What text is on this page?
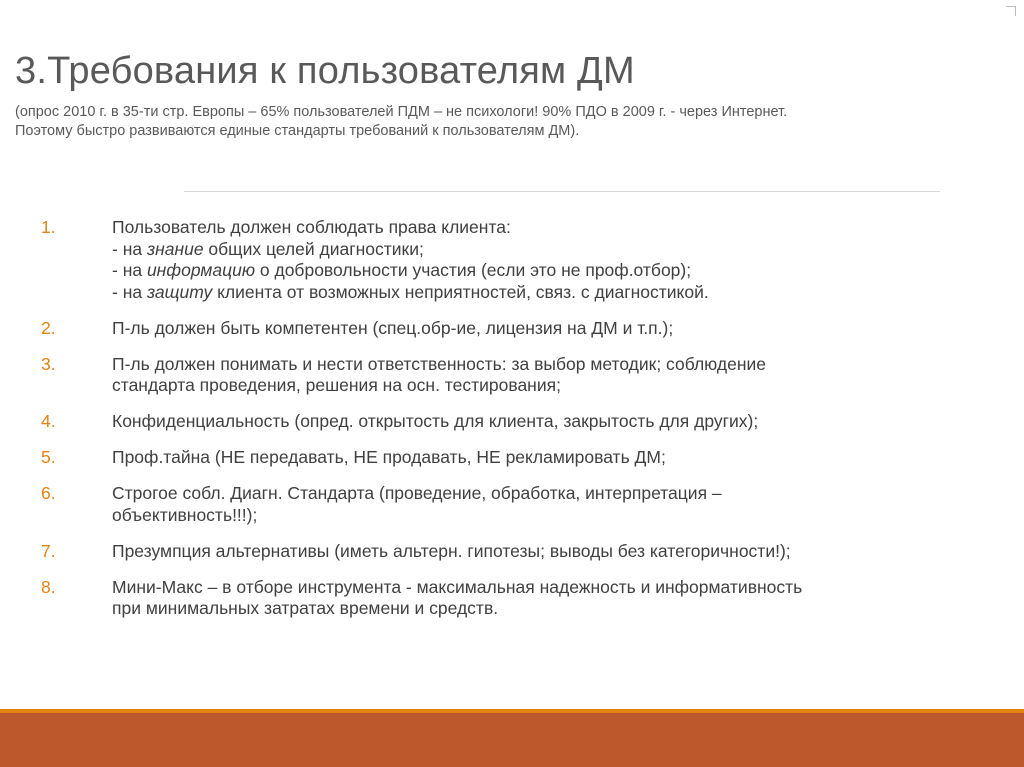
3.Требования к пользователям ДМ

(опрос 2010 г. в 35-ти стр. Европы – 65% пользователей ПДМ – не психологи! 90% ПДО в 2009 г. - через Интернет.
Поэтому быстро развиваются единые стандарты требований к пользователям ДМ).

1.	Пользователь должен соблюдать права клиента:
- на знание общих целей диагностики;
- на информацию о добровольности участия (если это не проф.отбор);
- на защиту клиента от возможных неприятностей, связ. с диагностикой.
2.	П-ль должен быть компетентен (спец.обр-ие, лицензия на ДМ и т.п.);
3.	П-ль должен понимать и нести ответственность: за выбор методик; соблюдение
стандарта проведения, решения на осн. тестирования;
4.	Конфиденциальность (опред. открытость для клиента, закрытость для других);
5.	Проф.тайна (НЕ передавать, НЕ продавать, НЕ рекламировать ДМ;
6.	Строгое собл. Диагн. Стандарта (проведение, обработка, интерпретация –
объективность!!!);
7.	Презумпция альтернативы (иметь альтерн. гипотезы; выводы без категоричности!);
8.	Мини-Макс – в отборе инструмента - максимальная надежность и информативность
при минимальных затратах времени и средств.
